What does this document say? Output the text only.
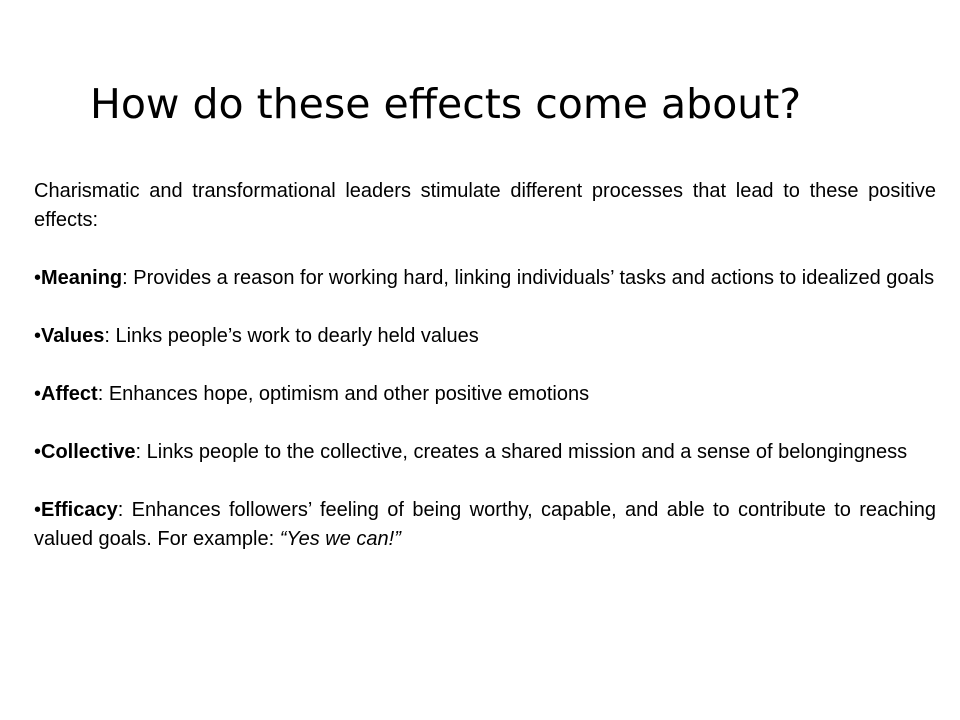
How do these effects come about?

Charismatic and transformational leaders stimulate different processes that lead to these positive effects:

•Meaning: Provides a reason for working hard, linking individuals’ tasks and actions to idealized goals

•Values: Links people’s work to dearly held values

•Affect: Enhances hope, optimism and other positive emotions

•Collective: Links people to the collective, creates a shared mission and a sense of belongingness

•Efficacy: Enhances followers’ feeling of being worthy, capable, and able to contribute to reaching valued goals. For example: “Yes we can!”
